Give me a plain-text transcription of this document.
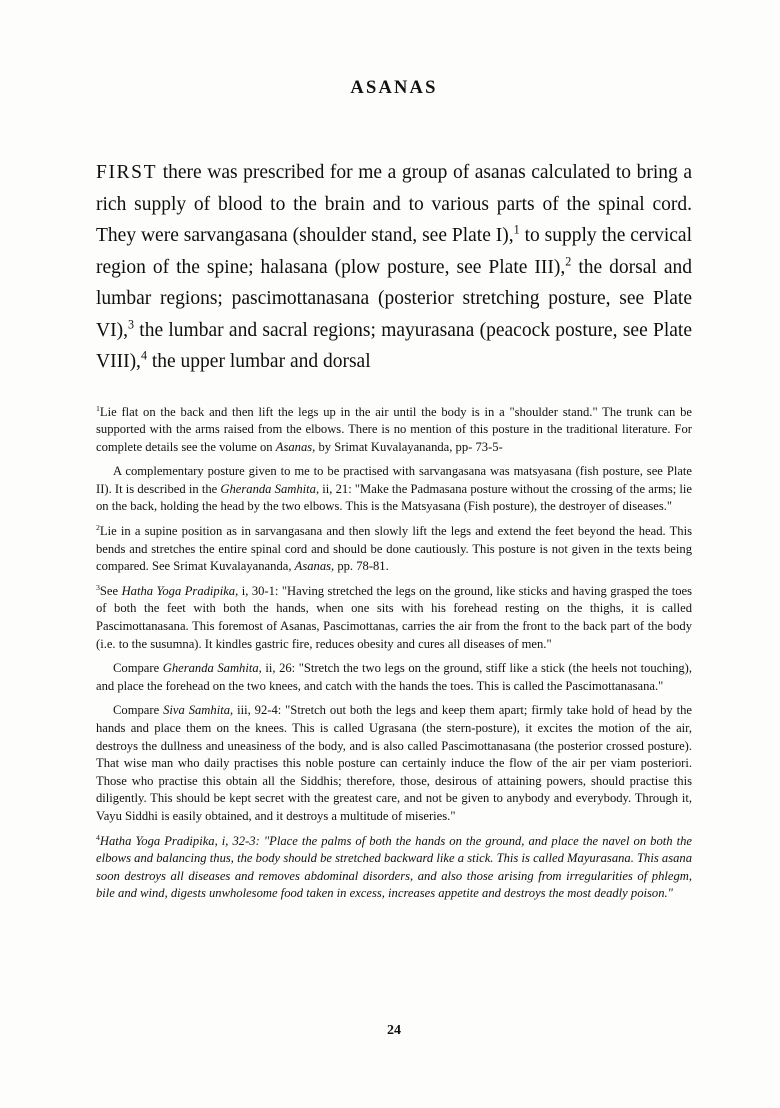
ASANAS
FIRST there was prescribed for me a group of asanas calculated to bring a rich supply of blood to the brain and to various parts of the spinal cord. They were sarvangasana (shoulder stand, see Plate I),$^1$ to supply the cervical region of the spine; halasana (plow posture, see Plate III),$^2$ the dorsal and lumbar regions; pascimottanasana (posterior stretching posture, see Plate VI),$^3$ the lumbar and sacral regions; mayurasana (peacock posture, see Plate VIII),$^4$ the upper lumbar and dorsal

$^1$Lie flat on the back and then lift the legs up in the air until the body is in a "shoulder stand." The trunk can be supported with the arms raised from the elbows. There is no mention of this posture in the traditional literature. For complete details see the volume on Asanas, by Srimat Kuvalayananda, pp- 73-5-

A complementary posture given to me to be practised with sarvangasana was matsyasana (fish posture, see Plate II). It is described in the Gheranda Samhita, ii, 21: "Make the Padmasana posture without the crossing of the arms; lie on the back, holding the head by the two elbows. This is the Matsyasana (Fish posture), the destroyer of diseases."

$^2$Lie in a supine position as in sarvangasana and then slowly lift the legs and extend the feet beyond the head. This bends and stretches the entire spinal cord and should be done cautiously. This posture is not given in the texts being compared. See Srimat Kuvalayananda, Asanas, pp. 78-81.

$^3$See Hatha Yoga Pradipika, i, 30-1: "Having stretched the legs on the ground, like sticks and having grasped the toes of both the feet with both the hands, when one sits with his forehead resting on the thighs, it is called Pascimottanasana. This foremost of Asanas, Pascimottanas, carries the air from the front to the back part of the body (i.e. to the susumna). It kindles gastric fire, reduces obesity and cures all diseases of men."

Compare Gheranda Samhita, ii, 26: "Stretch the two legs on the ground, stiff like a stick (the heels not touching), and place the forehead on the two knees, and catch with the hands the toes. This is called the Pascimottanasana."

Compare Siva Samhita, iii, 92-4: "Stretch out both the legs and keep them apart; firmly take hold of head by the hands and place them on the knees. This is called Ugrasana (the stern-posture), it excites the motion of the air, destroys the dullness and uneasiness of the body, and is also called Pascimottanasana (the posterior crossed posture). That wise man who daily practises this noble posture can certainly induce the flow of the air per viam posteriori. Those who practise this obtain all the Siddhis; therefore, those, desirous of attaining powers, should practise this diligently. This should be kept secret with the greatest care, and not be given to anybody and everybody. Through it, Vayu Siddhi is easily obtained, and it destroys a multitude of miseries."

$^4$Hatha Yoga Pradipika, i, 32-3: "Place the palms of both the hands on the ground, and place the navel on both the elbows and balancing thus, the body should be stretched backward like a stick. This is called Mayurasana. This asana soon destroys all diseases and removes abdominal disorders, and also those arising from irregularities of phlegm, bile and wind, digests unwholesome food taken in excess, increases appetite and destroys the most deadly poison."

24
